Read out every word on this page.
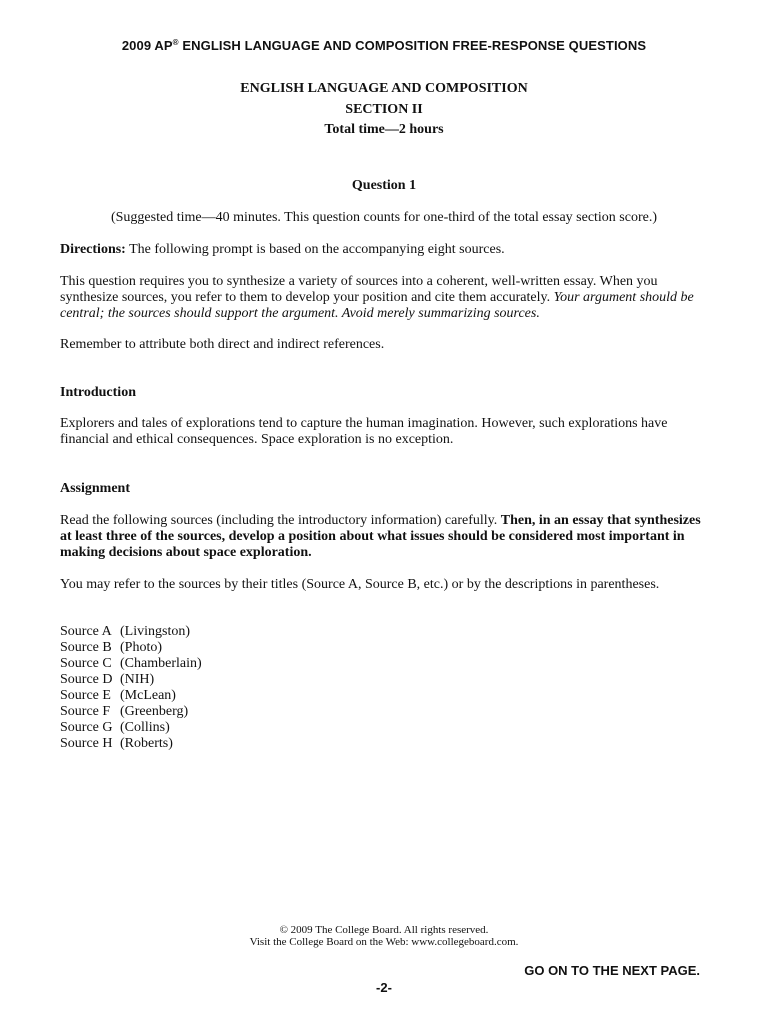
2009 AP® ENGLISH LANGUAGE AND COMPOSITION FREE-RESPONSE QUESTIONS
ENGLISH LANGUAGE AND COMPOSITION
SECTION II
Total time—2 hours
Question 1
(Suggested time—40 minutes. This question counts for one-third of the total essay section score.)
Directions: The following prompt is based on the accompanying eight sources.
This question requires you to synthesize a variety of sources into a coherent, well-written essay. When you synthesize sources, you refer to them to develop your position and cite them accurately. Your argument should be central; the sources should support the argument. Avoid merely summarizing sources.
Remember to attribute both direct and indirect references.
Introduction
Explorers and tales of explorations tend to capture the human imagination. However, such explorations have financial and ethical consequences. Space exploration is no exception.
Assignment
Read the following sources (including the introductory information) carefully. Then, in an essay that synthesizes at least three of the sources, develop a position about what issues should be considered most important in making decisions about space exploration.
You may refer to the sources by their titles (Source A, Source B, etc.) or by the descriptions in parentheses.
Source A (Livingston)
Source B (Photo)
Source C (Chamberlain)
Source D (NIH)
Source E (McLean)
Source F (Greenberg)
Source G (Collins)
Source H (Roberts)
© 2009 The College Board. All rights reserved.
Visit the College Board on the Web: www.collegeboard.com.
GO ON TO THE NEXT PAGE.
-2-
